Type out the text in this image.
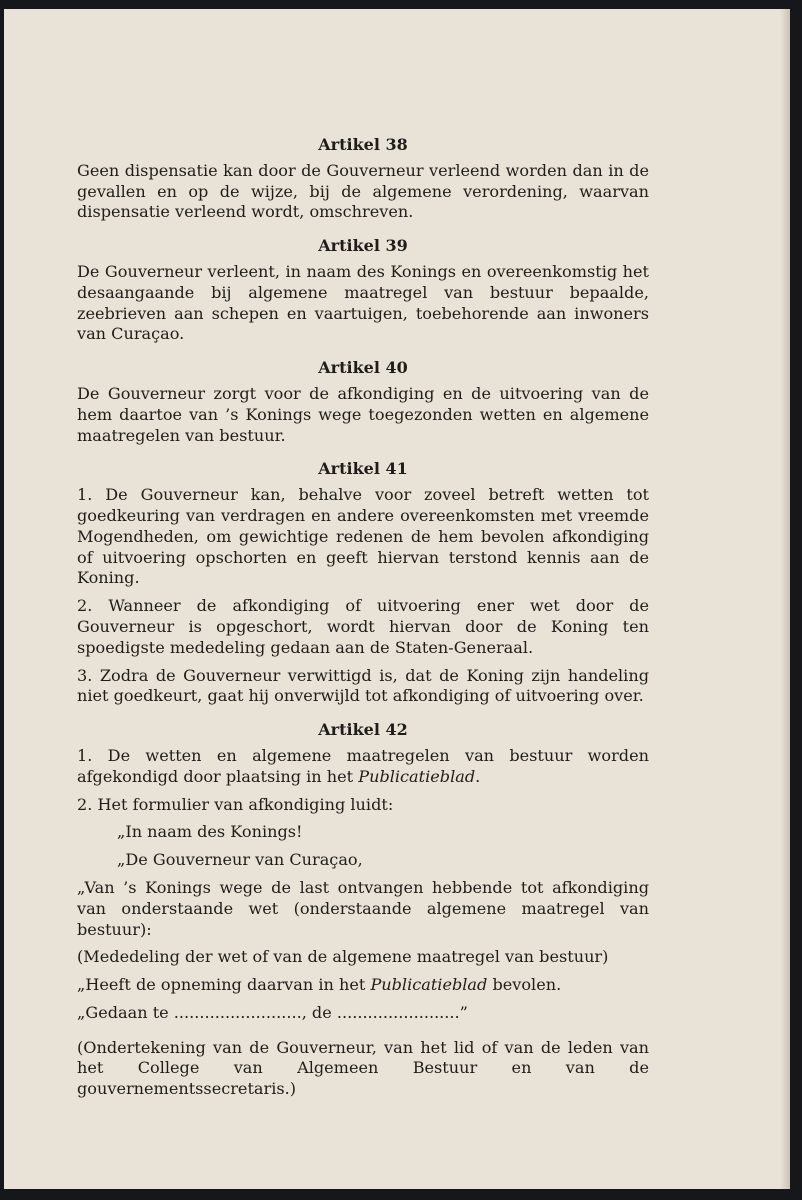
Artikel 38

Geen dispensatie kan door de Gouverneur verleend worden dan in de gevallen en op de wijze, bij de algemene verordening, waarvan dispensatie verleend wordt, omschreven.

Artikel 39

De Gouverneur verleent, in naam des Konings en overeenkomstig het desaangaande bij algemene maatregel van bestuur bepaalde, zeebrieven aan schepen en vaartuigen, toebehorende aan inwoners van Curaçao.

Artikel 40

De Gouverneur zorgt voor de afkondiging en de uitvoering van de hem daartoe van ’s Konings wege toegezonden wetten en algemene maatregelen van bestuur.

Artikel 41

1. De Gouverneur kan, behalve voor zoveel betreft wetten tot goedkeuring van verdragen en andere overeenkomsten met vreemde Mogendheden, om gewichtige redenen de hem bevolen afkondiging of uitvoering opschorten en geeft hiervan terstond kennis aan de Koning.

2. Wanneer de afkondiging of uitvoering ener wet door de Gouverneur is opgeschort, wordt hiervan door de Koning ten spoedigste mededeling gedaan aan de Staten-Generaal.

3. Zodra de Gouverneur verwittigd is, dat de Koning zijn handeling niet goedkeurt, gaat hij onverwijld tot afkondiging of uitvoering over.

Artikel 42

1. De wetten en algemene maatregelen van bestuur worden afgekondigd door plaatsing in het Publicatieblad.

2. Het formulier van afkondiging luidt:

„In naam des Konings!

„De Gouverneur van Curaçao,

„Van ’s Konings wege de last ontvangen hebbende tot afkondiging van onderstaande wet (onderstaande algemene maatregel van bestuur):

(Mededeling der wet of van de algemene maatregel van bestuur)

„Heeft de opneming daarvan in het Publicatieblad bevolen.

„Gedaan te ........................., de ........................”

(Ondertekening van de Gouverneur, van het lid of van de leden van het College van Algemeen Bestuur en van de gouvernementssecretaris.)
